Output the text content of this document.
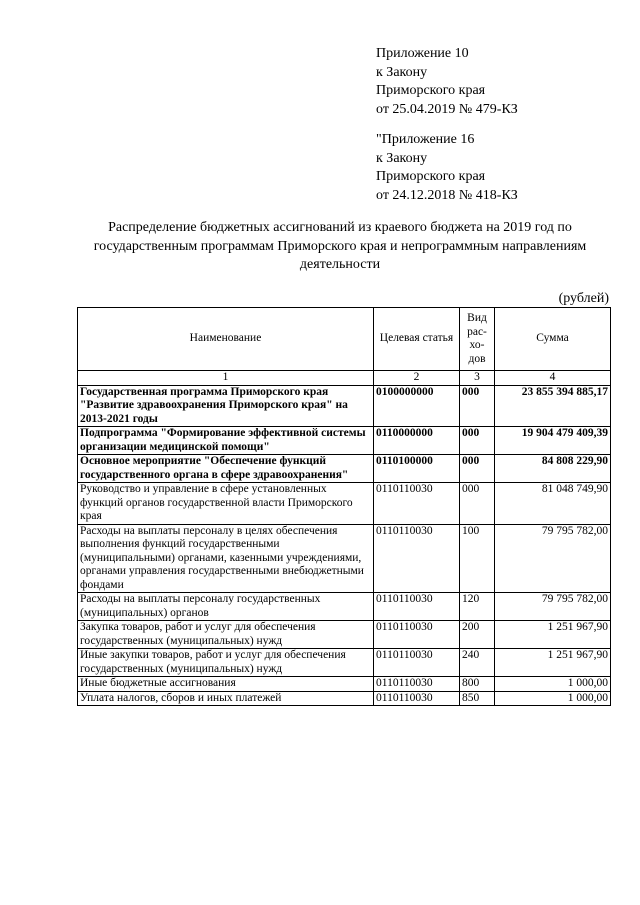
Приложение 10
к Закону
Приморского края
от 25.04.2019 № 479-КЗ
"Приложение 16
к Закону
Приморского края
от 24.12.2018 № 418-КЗ
Распределение бюджетных ассигнований из краевого бюджета на 2019 год по государственным программам Приморского края и непрограммным направлениям деятельности
(рублей)
Наименование	Целевая статья	Вид рас- хо- дов	Сумма
1	2	3	4
Государственная программа Приморского края "Развитие здравоохранения Приморского края" на 2013-2021 годы	0100000000	000	23 855 394 885,17
Подпрограмма "Формирование эффективной системы организации медицинской помощи"	0110000000	000	19 904 479 409,39
Основное мероприятие "Обеспечение функций государственного органа в сфере здравоохранения"	0110100000	000	84 808 229,90
Руководство и управление в сфере установленных функций органов государственной власти Приморского края	0110110030	000	81 048 749,90
Расходы на выплаты персоналу в целях обеспечения выполнения функций государственными (муниципальными) органами, казенными учреждениями, органами управления государственными внебюджетными фондами	0110110030	100	79 795 782,00
Расходы на выплаты персоналу государственных (муниципальных) органов	0110110030	120	79 795 782,00
Закупка товаров, работ и услуг для обеспечения государственных (муниципальных) нужд	0110110030	200	1 251 967,90
Иные закупки товаров, работ и услуг для обеспечения государственных (муниципальных) нужд	0110110030	240	1 251 967,90
Иные бюджетные ассигнования	0110110030	800	1 000,00
Уплата налогов, сборов и иных платежей	0110110030	850	1 000,00
